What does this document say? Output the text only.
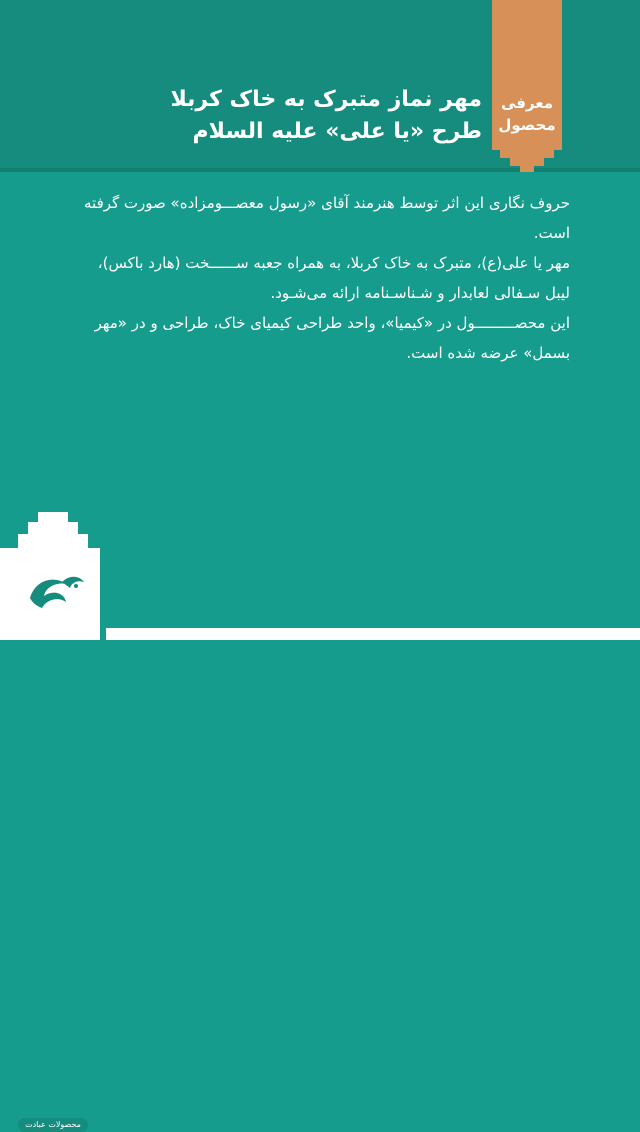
معرفی
محصول
مهر نماز متبرک به خاک کربلا
طرح «یا علی» علیه السلام

حروف نگاری این اثر توسط هنرمند آقای «رسول معصـــومزاده» صورت گرفته است.

مهر یا علی(ع)، متبرک به خاک کربلا، به همراه جعبه ســــــخت (هارد باکس)، لیبل سـفالی لعابدار و شـناسـنامه ارائه می‌شـود.

این محصـــــــــول در «کیمیا»، واحد طراحی کیمیای خاک، طراحی و در «مهر بسمل» عرضه شده است.

محصولات عبادت
